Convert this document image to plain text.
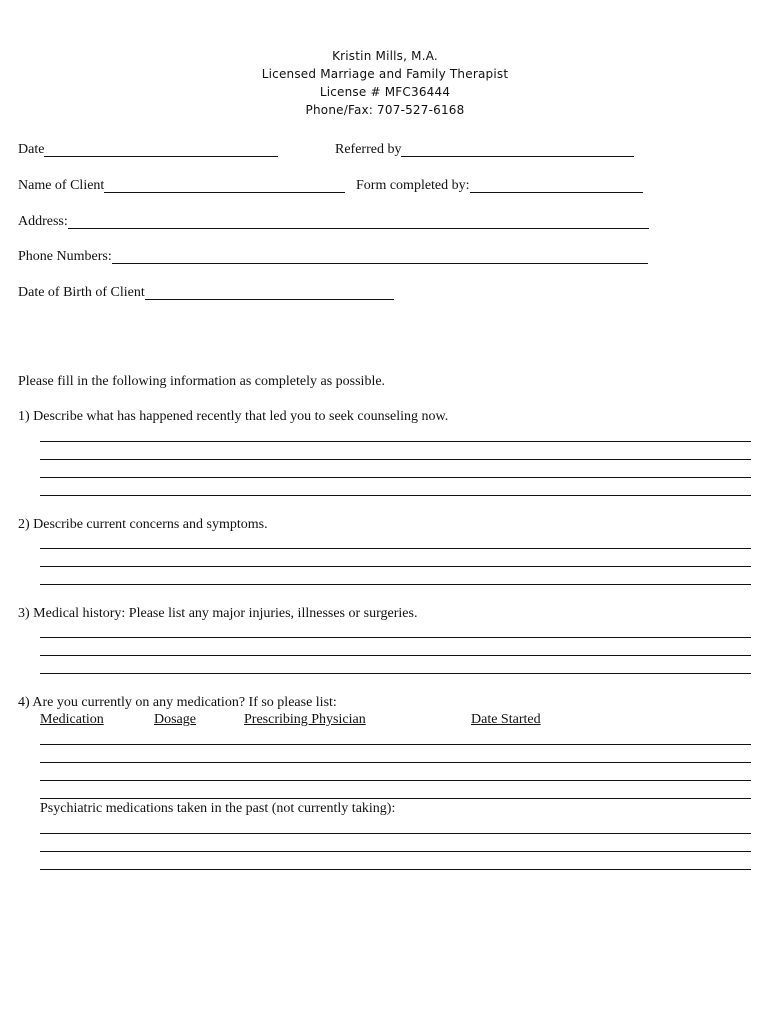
Kristin Mills, M.A.
Licensed Marriage and Family Therapist
License # MFC36444
Phone/Fax: 707-527-6168
Date	Referred by
Name of Client	Form completed by:
Address:
Phone Numbers:
Date of Birth of Client
Please fill in the following information as completely as possible.
1) Describe what has happened recently that led you to seek counseling now.
2) Describe current concerns and symptoms.
3) Medical history: Please list any major injuries, illnesses or surgeries.
4) Are you currently on any medication? If so please list:
Medication	Dosage	Prescribing Physician	Date Started
Psychiatric medications taken in the past (not currently taking):
